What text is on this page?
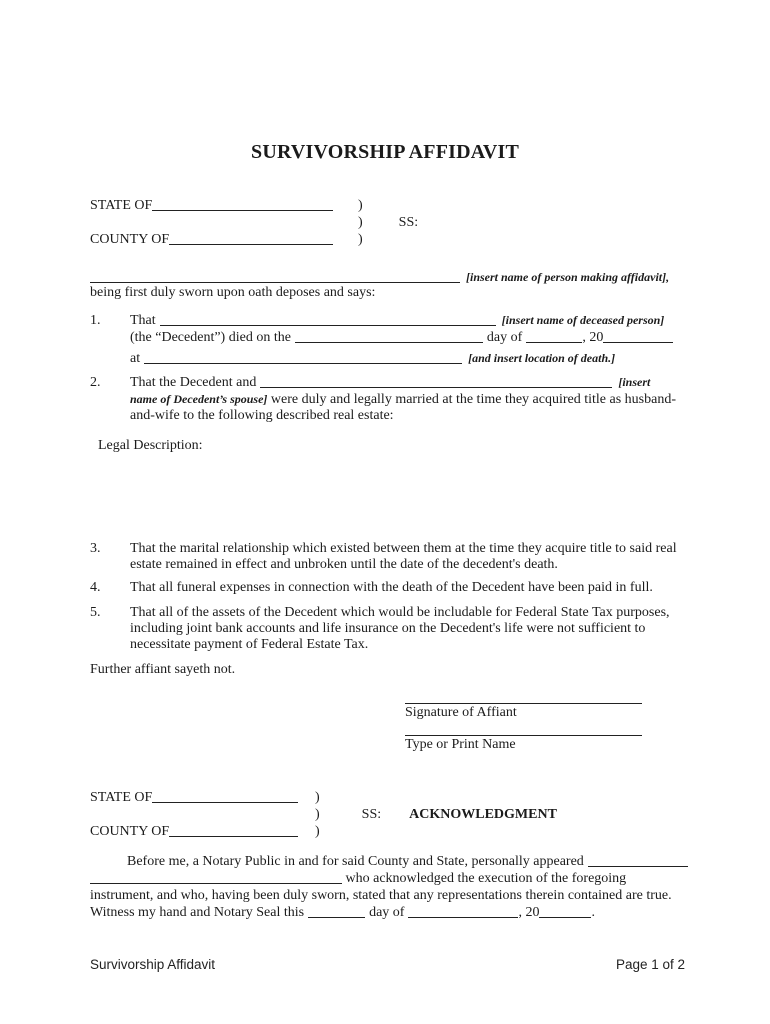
SURVIVORSHIP AFFIDAVIT
STATE OF	)
)	SS:
COUNTY OF	)
[insert name of person making affidavit],
being first duly sworn upon oath deposes and says:
1.	That	[insert name of deceased person]
(the “Decedent”) died on the	day of	, 20
at	[and insert location of death.]
2.	That the Decedent and	[insert
name of Decedent’s spouse] were duly and legally married at the time they acquired title as husband-
and-wife to the following described real estate:
Legal Description:
3.	That the marital relationship which existed between them at the time they acquire title to said real
estate remained in effect and unbroken until the date of the decedent's death.
4.	That all funeral expenses in connection with the death of the Decedent have been paid in full.
5.	That all of the assets of the Decedent which would be includable for Federal State Tax purposes,
including joint bank accounts and life insurance on the Decedent's life were not sufficient to
necessitate payment of Federal Estate Tax.
Further affiant sayeth not.
Signature of Affiant
Type or Print Name
STATE OF	)
)	SS: ACKNOWLEDGMENT
COUNTY OF	)
Before me, a Notary Public in and for said County and State, personally appeared
who acknowledged the execution of the foregoing
instrument, and who, having been duly sworn, stated that any representations therein contained are true.
Witness my hand and Notary Seal this	day of	, 20	.
Survivorship Affidavit	Page 1 of 2
